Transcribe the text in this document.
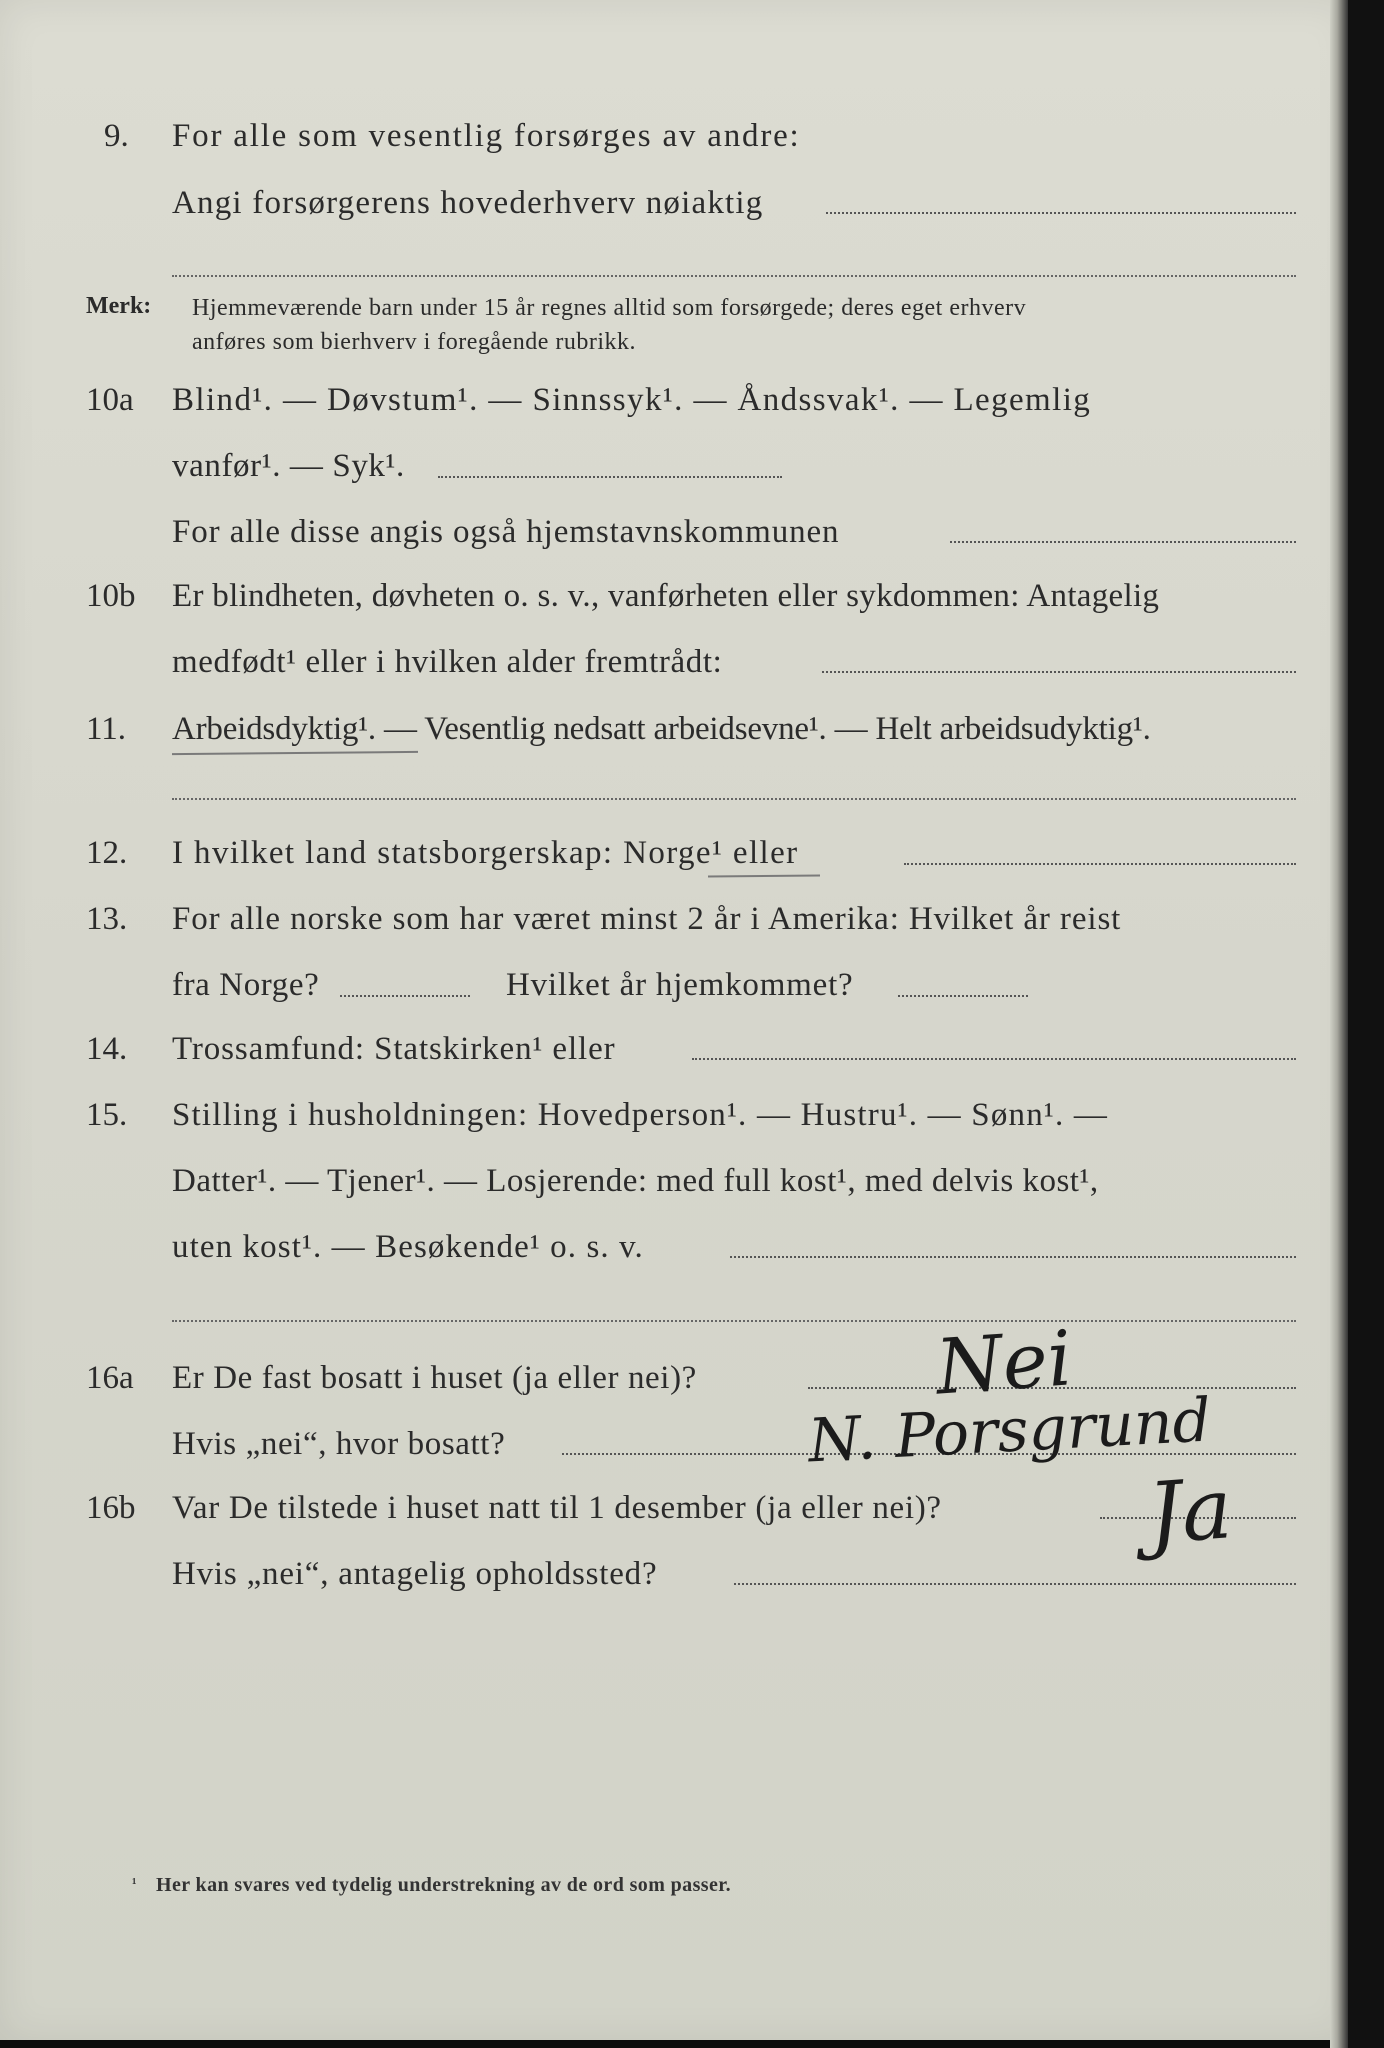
9. For alle som vesentlig forsørges av andre:
Angi forsørgerens hovederhverv nøiaktig
Merk: Hjemmeværende barn under 15 år regnes alltid som forsørgede; deres eget erhverv
anføres som bierhverv i foregående rubrikk.
10a Blind¹. — Døvstum¹. — Sinnssyk¹. — Åndssvak¹. — Legemlig
vanfør¹. — Syk¹.
For alle disse angis også hjemstavnskommunen
10b Er blindheten, døvheten o. s. v., vanførheten eller sykdommen: Antagelig
medfødt¹ eller i hvilken alder fremtrådt:
11. Arbeidsdyktig¹. — Vesentlig nedsatt arbeidsevne¹. — Helt arbeidsudyktig¹.
12. I hvilket land statsborgerskap: Norge¹ eller
13. For alle norske som har været minst 2 år i Amerika: Hvilket år reist
fra Norge?	Hvilket år hjemkommet?
14. Trossamfund: Statskirken¹ eller
15. Stilling i husholdningen: Hovedperson¹. — Hustru¹. — Sønn¹. —
Datter¹. — Tjener¹. — Losjerende: med full kost¹, med delvis kost¹,
uten kost¹. — Besøkende¹ o. s. v.
16a Er De fast bosatt i huset (ja eller nei)?	Nei
Hvis „nei“, hvor bosatt?	N. Porsgrund
16b Var De tilstede i huset natt til 1 desember (ja eller nei)? Ja
Hvis „nei“, antagelig opholdssted?
¹ Her kan svares ved tydelig understrekning av de ord som passer.
